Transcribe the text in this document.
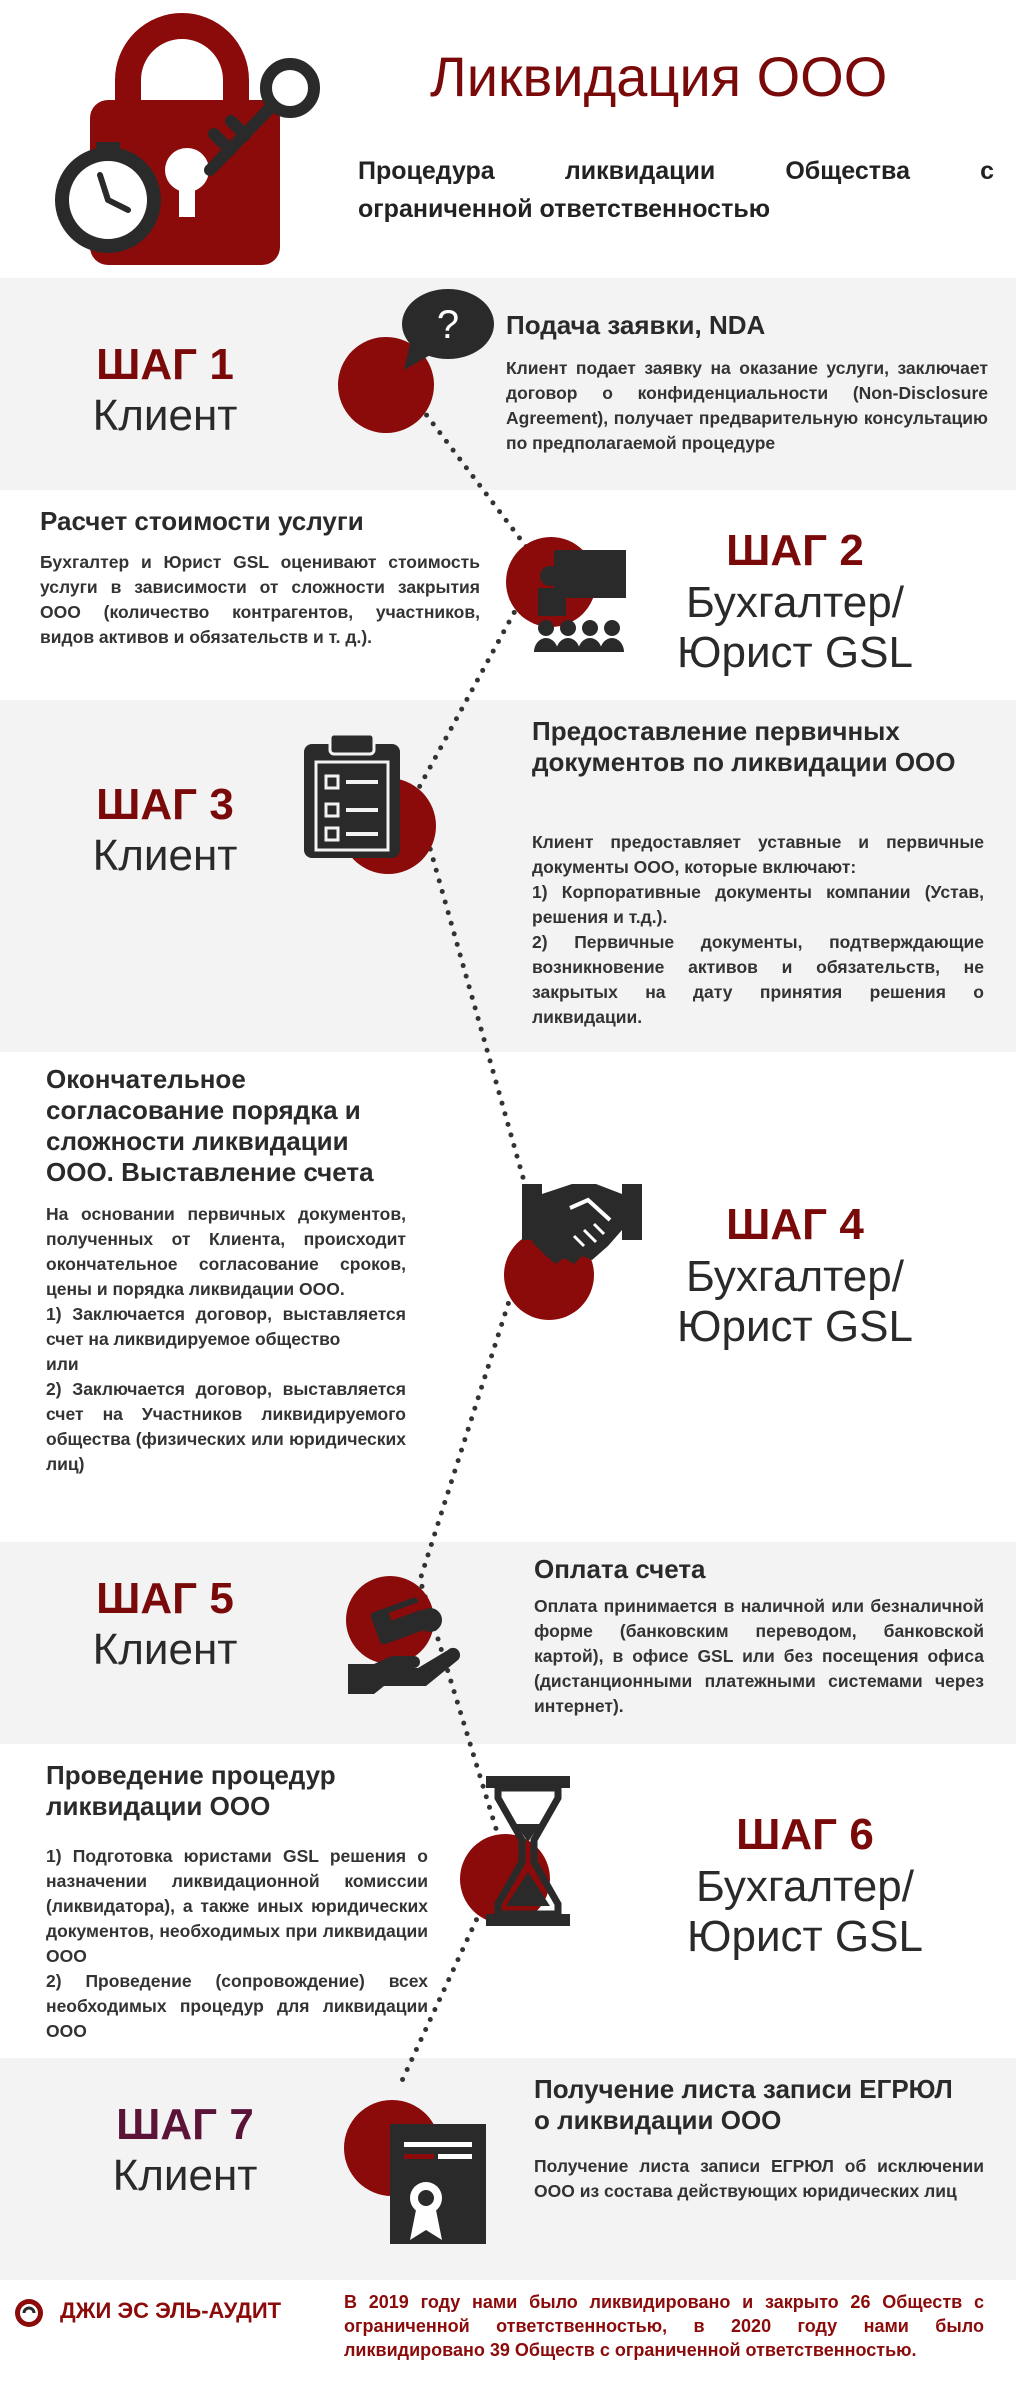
Ликвидация ООО
Процедура ликвидации Общества с
ограниченной ответственностью
ШАГ 1
Клиент
? Подача заявки, NDA
Клиент подает заявку на оказание услуги, заключает договор о конфиденциальности (Non-Disclosure Agreement), получает предварительную консультацию по предполагаемой процедуре
Расчет стоимости услуги
Бухгалтер и Юрист GSL оценивают стоимость услуги в зависимости от сложности закрытия ООО (количество контрагентов, участников, видов активов и обязательств и т. д.).
ШАГ 2
Бухгалтер/
Юрист GSL
ШАГ 3
Клиент
Предоставление первичных документов по ликвидации ООО
Клиент предоставляет уставные и первичные документы ООО, которые включают:
1) Корпоративные документы компании (Устав, решения и т.д.).
2) Первичные документы, подтверждающие возникновение активов и обязательств, не закрытых на дату принятия решения о ликвидации.
Окончательное согласование порядка и сложности ликвидации ООО. Выставление счета
На основании первичных документов, полученных от Клиента, происходит окончательное согласование сроков, цены и порядка ликвидации ООО.
1) Заключается договор, выставляется счет на ликвидируемое общество
или
2) Заключается договор, выставляется счет на Участников ликвидируемого общества (физических или юридических лиц)
ШАГ 4
Бухгалтер/
Юрист GSL
ШАГ 5
Клиент
Оплата счета
Оплата принимается в наличной или безналичной форме (банковским переводом, банковской картой), в офисе GSL или без посещения офиса (дистанционными платежными системами через интернет).
Проведение процедур ликвидации ООО
1) Подготовка юристами GSL решения о назначении ликвидационной комиссии (ликвидатора), а также иных юридических документов, необходимых при ликвидации ООО
2) Проведение (сопровождение) всех необходимых процедур для ликвидации ООО
ШАГ 6
Бухгалтер/
Юрист GSL
ШАГ 7
Клиент
Получение листа записи ЕГРЮЛ о ликвидации ООО
Получение листа записи ЕГРЮЛ об исключении ООО из состава действующих юридических лиц
ДЖИ ЭС ЭЛЬ-АУДИТ	В 2019 году нами было ликвидировано и закрыто 26 Обществ с ограниченной ответственностью, в 2020 году нами было ликвидировано 39 Обществ с ограниченной ответственностью.
